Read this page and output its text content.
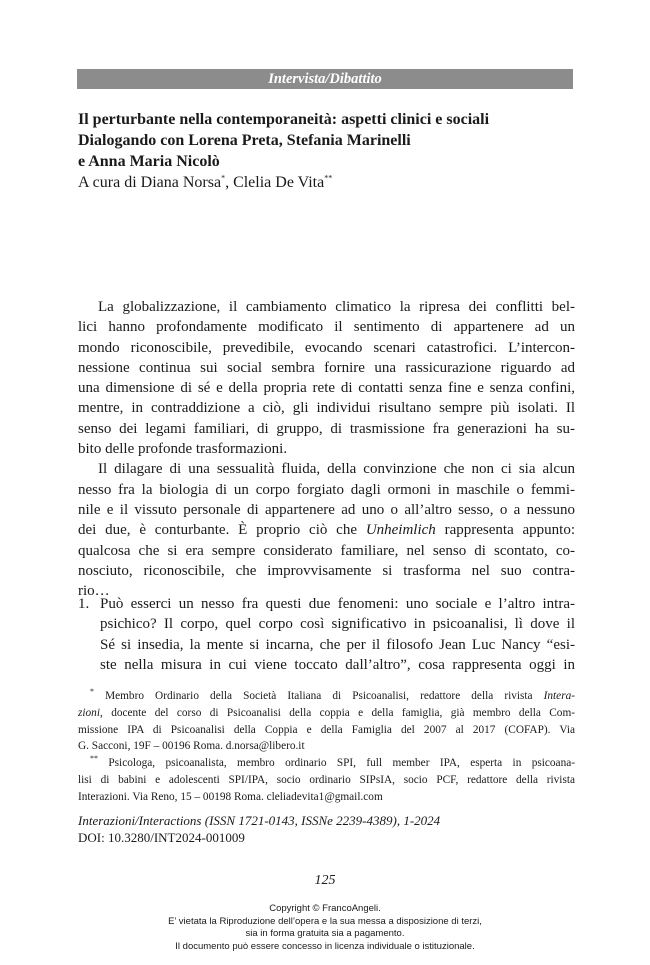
Intervista/Dibattito

Il perturbante nella contemporaneità: aspetti clinici e sociali

Dialogando con Lorena Preta, Stefania Marinelli

e Anna Maria Nicolò

A cura di Diana Norsa*, Clelia De Vita**

La globalizzazione, il cambiamento climatico la ripresa dei conflitti bel-
lici hanno profondamente modificato il sentimento di appartenere ad un
mondo riconoscibile, prevedibile, evocando scenari catastrofici. L’intercon-
nessione continua sui social sembra fornire una rassicurazione riguardo ad
una dimensione di sé e della propria rete di contatti senza fine e senza confini,
mentre, in contraddizione a ciò, gli individui risultano sempre più isolati. Il
senso dei legami familiari, di gruppo, di trasmissione fra generazioni ha su-
bito delle profonde trasformazioni.
Il dilagare di una sessualità fluida, della convinzione che non ci sia alcun
nesso fra la biologia di un corpo forgiato dagli ormoni in maschile o femmi-
nile e il vissuto personale di appartenere ad uno o all’altro sesso, o a nessuno
dei due, è conturbante. È proprio ciò che Unheimlich rappresenta appunto:
qualcosa che si era sempre considerato familiare, nel senso di scontato, co-
nosciuto, riconoscibile, che improvvisamente si trasforma nel suo contra-
rio…
1. Può esserci un nesso fra questi due fenomeni: uno sociale e l’altro intra-
psichico? Il corpo, quel corpo così significativo in psicoanalisi, lì dove il
Sé si insedia, la mente si incarna, che per il filosofo Jean Luc Nancy “esi-
ste nella misura in cui viene toccato dall’altro”, cosa rappresenta oggi in
* Membro Ordinario della Società Italiana di Psicoanalisi, redattore della rivista Intera-
zioni, docente del corso di Psicoanalisi della coppia e della famiglia, già membro della Com-
missione IPA di Psicoanalisi della Coppia e della Famiglia del 2007 al 2017 (COFAP). Via
G. Sacconi, 19F – 00196 Roma. d.norsa@libero.it
** Psicologa, psicoanalista, membro ordinario SPI, full member IPA, esperta in psicoana-
lisi di babini e adolescenti SPI/IPA, socio ordinario SIPsIA, socio PCF, redattore della rivista
Interazioni. Via Reno, 15 – 00198 Roma. cleliadevita1@gmail.com
Interazioni/Interactions (ISSN 1721-0143, ISSNe 2239-4389), 1-2024
DOI: 10.3280/INT2024-001009
125
Copyright © FrancoAngeli.
E’ vietata la Riproduzione dell’opera e la sua messa a disposizione di terzi,
sia in forma gratuita sia a pagamento.
Il documento può essere concesso in licenza individuale o istituzionale.
